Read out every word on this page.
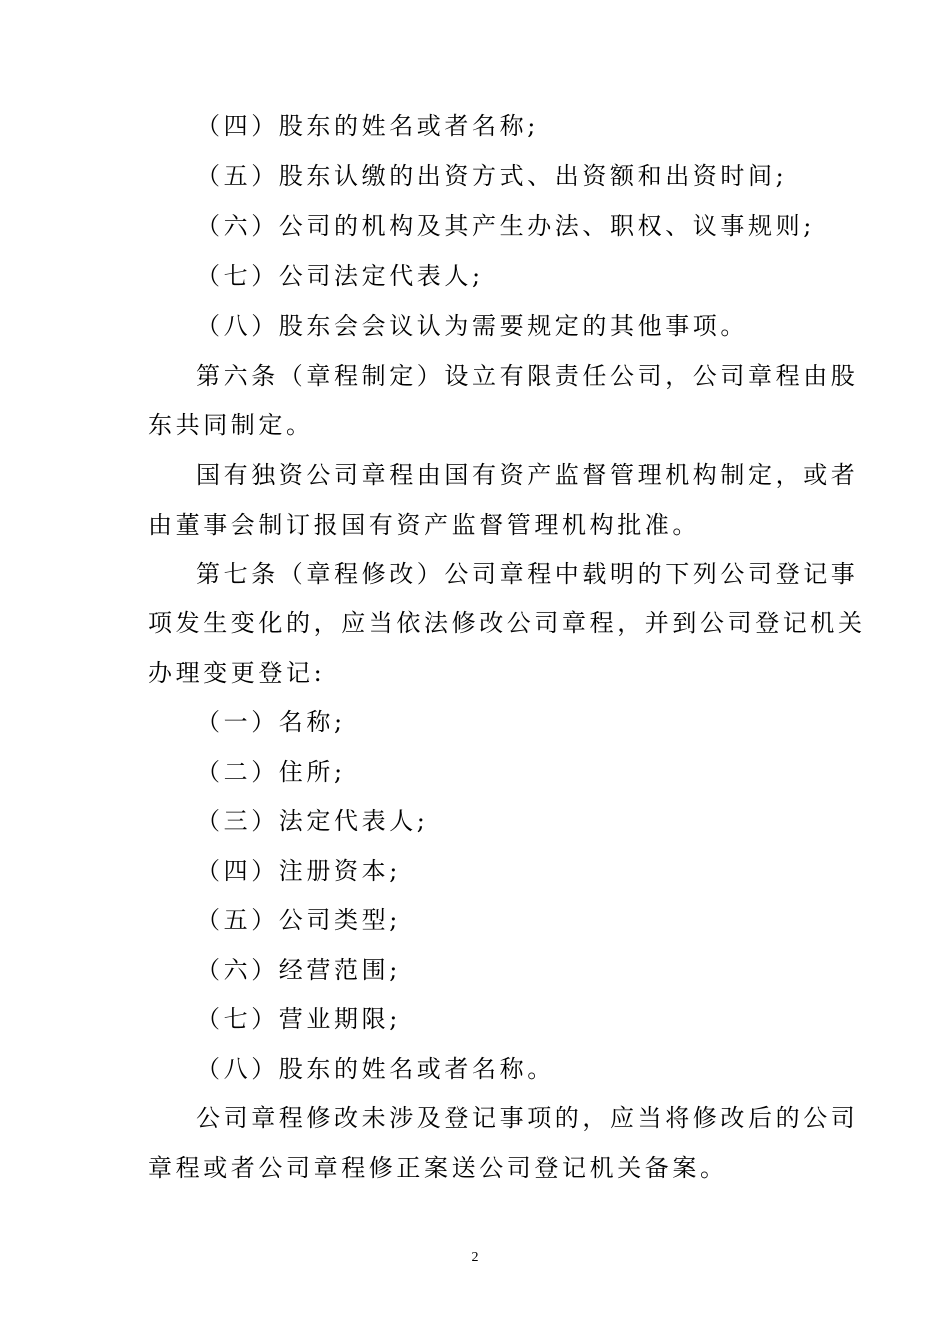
（四）股东的姓名或者名称;
（五）股东认缴的出资方式、出资额和出资时间;
（六）公司的机构及其产生办法、职权、议事规则;
（七）公司法定代表人;
（八）股东会会议认为需要规定的其他事项。
第六条（章程制定）设立有限责任公司，公司章程由股
东共同制定。
国有独资公司章程由国有资产监督管理机构制定，或者
由董事会制订报国有资产监督管理机构批准。
第七条（章程修改）公司章程中载明的下列公司登记事
项发生变化的，应当依法修改公司章程，并到公司登记机关
办理变更登记:
（一）名称;
（二）住所;
（三）法定代表人;
（四）注册资本;
（五）公司类型;
（六）经营范围;
（七）营业期限;
（八）股东的姓名或者名称。
公司章程修改未涉及登记事项的，应当将修改后的公司
章程或者公司章程修正案送公司登记机关备案。
2
